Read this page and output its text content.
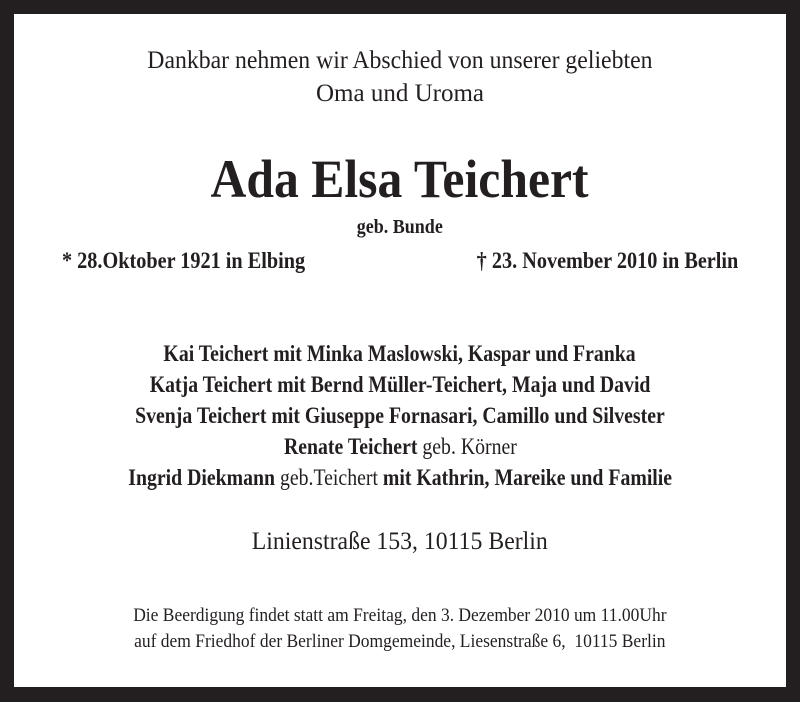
Dankbar nehmen wir Abschied von unserer geliebten
Oma und Uroma
Ada Elsa Teichert
geb. Bunde
* 28.Oktober 1921 in Elbing	† 23. November 2010 in Berlin
Kai Teichert mit Minka Maslowski, Kaspar und Franka
Katja Teichert mit Bernd Müller-Teichert, Maja und David
Svenja Teichert mit Giuseppe Fornasari, Camillo und Silvester
Renate Teichert geb. Körner
Ingrid Diekmann geb.Teichert mit Kathrin, Mareike und Familie
Linienstraße 153, 10115 Berlin
Die Beerdigung findet statt am Freitag, den 3. Dezember 2010 um 11.00Uhr
auf dem Friedhof der Berliner Domgemeinde, Liesenstraße 6,  10115 Berlin
